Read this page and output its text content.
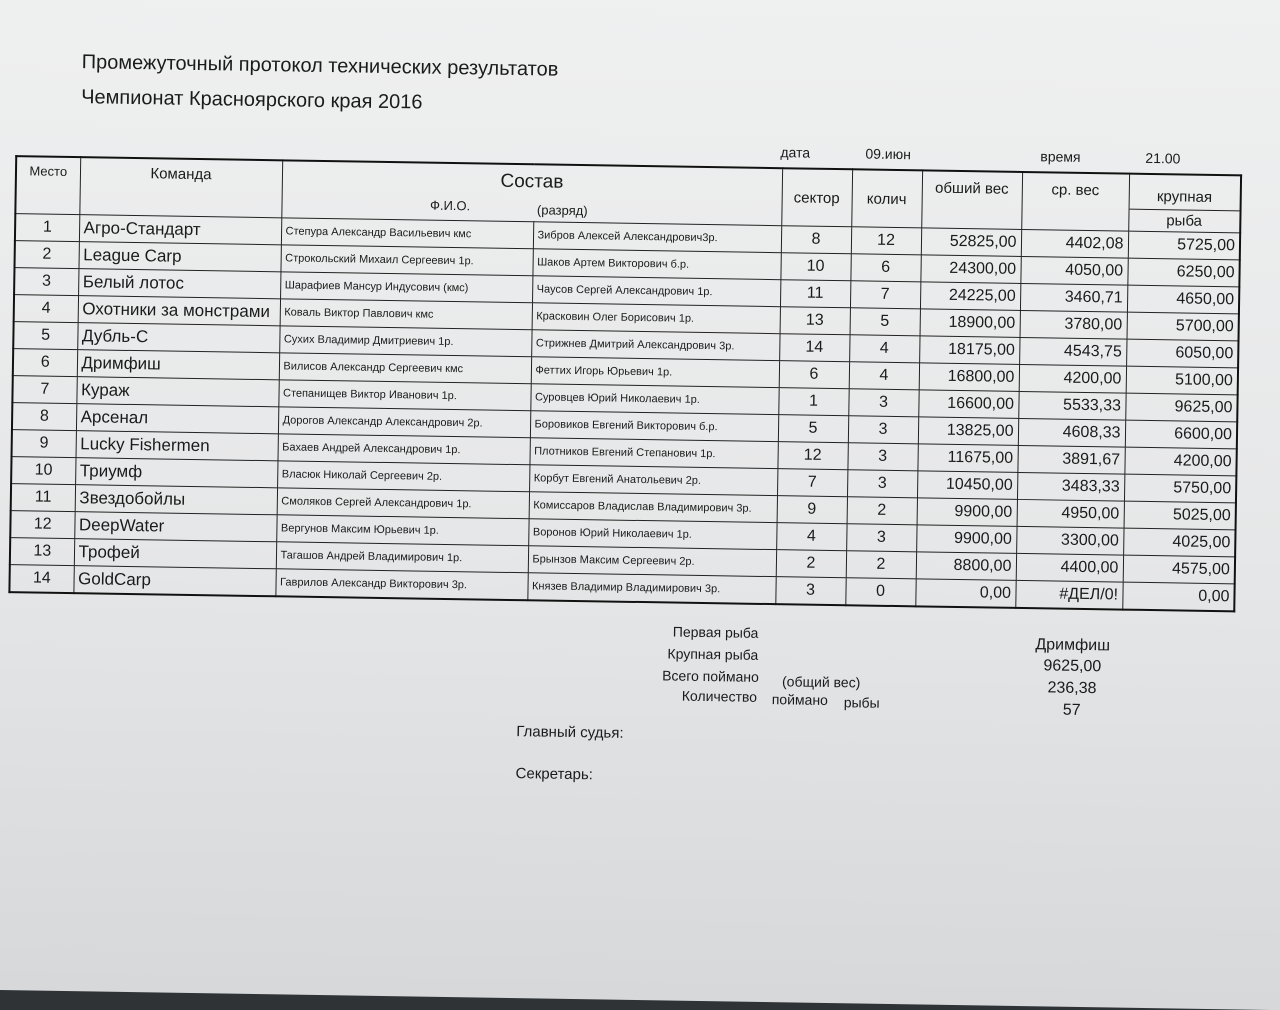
Промежуточный протокол технических результатов
Чемпионат Красноярского края 2016
дата	09.июн	время	21.00
Место	Команда	Состав
Ф.И.О. (разряд)		сектор	колич	обший вес	ср. вес	крупная
рыба

1	Агро-Стандарт	Степура Александр Васильевич кмс	Зибров Алексей Александрович3р.	8	12	52825,00	4402,08	5725,00
2	League Carp	Строкольский Михаил Сергеевич 1р.	Шаков Артем Викторович б.р.	10	6	24300,00	4050,00	6250,00
3	Белый лотос	Шарафиев Мансур Индусович (кмс)	Чаусов Сергей Александрович 1р.	11	7	24225,00	3460,71	4650,00
4	Охотники за монстрами	Коваль Виктор Павлович кмс	Красковин Олег Борисович 1р.	13	5	18900,00	3780,00	5700,00
5	Дубль-С	Сухих Владимир Дмитриевич 1р.	Стрижнев Дмитрий Александрович 3р.	14	4	18175,00	4543,75	6050,00
6	Дримфиш	Вилисов Александр Сергеевич кмс	Феттих Игорь Юрьевич 1р.	6	4	16800,00	4200,00	5100,00
7	Кураж	Степанищев Виктор Иванович 1р.	Суровцев Юрий Николаевич 1р.	1	3	16600,00	5533,33	9625,00
8	Арсенал	Дорогов Александр Александрович 2р.	Боровиков Евгений Викторович б.р.	5	3	13825,00	4608,33	6600,00
9	Lucky Fishermen	Бахаев Андрей Александрович 1р.	Плотников Евгений Степанович 1р.	12	3	11675,00	3891,67	4200,00
10	Триумф	Власюк Николай Сергеевич 2р.	Корбут Евгений Анатольевич 2р.	7	3	10450,00	3483,33	5750,00
11	Звездобойлы	Смоляков Сергей Александрович 1р.	Комиссаров Владислав Владимирович 3р.	9	2	9900,00	4950,00	5025,00
12	DeepWater	Вергунов Максим Юрьевич 1р.	Воронов Юрий Николаевич 1р.	4	3	9900,00	3300,00	4025,00
13	Трофей	Тагашов Андрей Владимирович 1р.	Брынзов Максим Сергеевич 2р.	2	2	8800,00	4400,00	4575,00
14	GoldCarp	Гаврилов Александр Викторович 3р.	Князев Владимир Владимирович 3р.	3	0	0,00	#ДЕЛ/0!	0,00
Первая рыба
Дримфиш
Крупная рыба
9625,00
Всего поймано (общий вес)	236,38
Количество поймано рыбы	57
Главный судья:
Секретарь:
